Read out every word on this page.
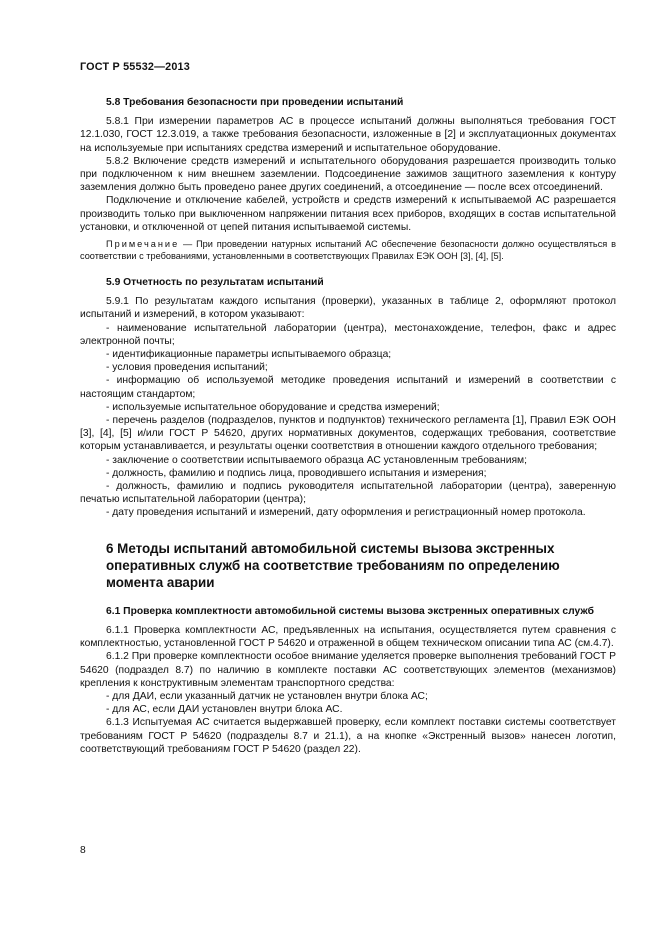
ГОСТ Р 55532—2013
5.8 Требования безопасности при проведении испытаний

5.8.1 При измерении параметров АС в процессе испытаний должны выполняться требования ГОСТ 12.1.030, ГОСТ 12.3.019, а также требования безопасности, изложенные в [2] и эксплуатационных документах на используемые при испытаниях средства измерений и испытательное оборудование.

5.8.2 Включение средств измерений и испытательного оборудования разрешается производить только при подключенном к ним внешнем заземлении. Подсоединение зажимов защитного заземления к контуру заземления должно быть проведено ранее других соединений, а отсоединение — после всех отсоединений.

Подключение и отключение кабелей, устройств и средств измерений к испытываемой АС разрешается производить только при выключенном напряжении питания всех приборов, входящих в состав испытательной установки, и отключенной от цепей питания испытываемой системы.

Примечание — При проведении натурных испытаний АС обеспечение безопасности должно осуществляться в соответствии с требованиями, установленными в соответствующих Правилах ЕЭК ООН [3], [4], [5].

5.9 Отчетность по результатам испытаний

5.9.1 По результатам каждого испытания (проверки), указанных в таблице 2, оформляют протокол испытаний и измерений, в котором указывают:

- наименование испытательной лаборатории (центра), местонахождение, телефон, факс и адрес электронной почты;

- идентификационные параметры испытываемого образца;

- условия проведения испытаний;

- информацию об используемой методике проведения испытаний и измерений в соответствии с настоящим стандартом;

- используемые испытательное оборудование и средства измерений;

- перечень разделов (подразделов, пунктов и подпунктов) технического регламента [1], Правил ЕЭК ООН [3], [4], [5] и/или ГОСТ Р 54620, других нормативных документов, содержащих требования, соответствие которым устанавливается, и результаты оценки соответствия в отношении каждого отдельного требования;

- заключение о соответствии испытываемого образца АС установленным требованиям;

- должность, фамилию и подпись лица, проводившего испытания и измерения;

- должность, фамилию и подпись руководителя испытательной лаборатории (центра), заверенную печатью испытательной лаборатории (центра);

- дату проведения испытаний и измерений, дату оформления и регистрационный номер протокола.

6 Методы испытаний автомобильной системы вызова экстренных оперативных служб на соответствие требованиям по определению момента аварии

6.1 Проверка комплектности автомобильной системы вызова экстренных оперативных служб

6.1.1 Проверка комплектности АС, предъявленных на испытания, осуществляется путем сравнения с комплектностью, установленной ГОСТ Р 54620 и отраженной в общем техническом описании типа АС (см.4.7).

6.1.2 При проверке комплектности особое внимание уделяется проверке выполнения требований ГОСТ Р 54620 (подраздел 8.7) по наличию в комплекте поставки АС соответствующих элементов (механизмов) крепления к конструктивным элементам транспортного средства:

- для ДАИ, если указанный датчик не установлен внутри блока АС;

- для АС, если ДАИ установлен внутри блока АС.

6.1.3 Испытуемая АС считается выдержавшей проверку, если комплект поставки системы соответствует требованиям ГОСТ Р 54620 (подразделы 8.7 и 21.1), а на кнопке «Экстренный вызов» нанесен логотип, соответствующий требованиям ГОСТ Р 54620 (раздел 22).

8
